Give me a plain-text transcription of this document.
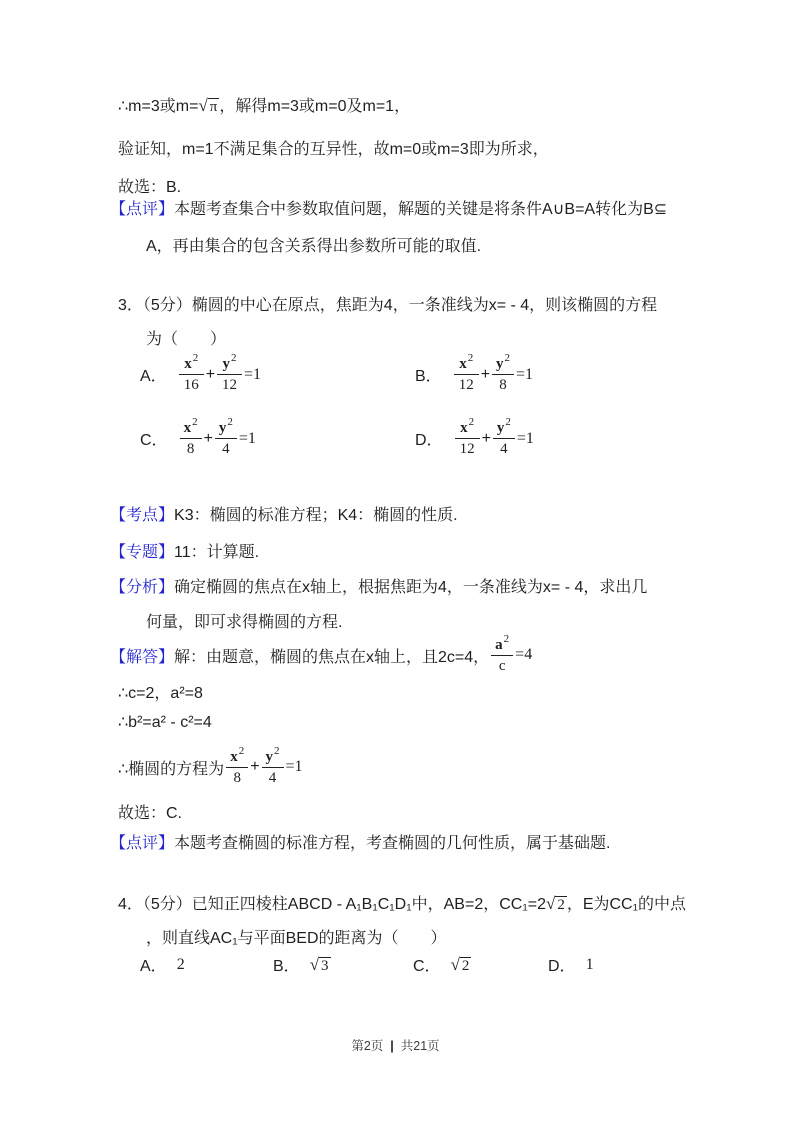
∴m=3或m=√ π ，解得m=3或m=0及m=1，
验证知，m=1不满足集合的互异性，故m=0或m=3即为所求，
故选：B.
【点评】本题考查集合中参数取值问题，解题的关键是将条件A∪B=A转化为B⊆
A，再由集合的包含关系得出参数所可能的取值.
3．（5分）椭圆的中心在原点，焦距为4，一条准线为x= - 4，则该椭圆的方程
为（　　）
A． $\frac{x^2}{16} + \frac{y^2}{12} =1$	B． $\frac{x^2}{12} + \frac{y^2}{8} =1$
C． $\frac{x^2}{8} + \frac{y^2}{4} =1$	D． $\frac{x^2}{12} + \frac{y^2}{4} =1$
【考点】K3：椭圆的标准方程；K4：椭圆的性质.
【专题】11：计算题.
【分析】确定椭圆的焦点在x轴上，根据焦距为4，一条准线为x= - 4，求出几
何量，即可求得椭圆的方程.
【解答】 解：由题意，椭圆的焦点在x轴上，且2c=4， $\frac{a^2}{c} =4$
∴c=2，a²=8
∴b²=a² - c²=4
∴椭圆的方程为 $\frac{x^2}{8} + \frac{y^2}{4} =1$
故选：C.
【点评】本题考查椭圆的标准方程，考查椭圆的几何性质，属于基础题.
4．（5分）已知正四棱柱ABCD - A₁B₁C₁D₁中，AB=2，CC₁=2√ 2 ，E为CC₁的中点
，则直线AC₁与平面BED的距离为（　　）
A． 2	B． √ 3	C． √ 2	D． 1
第2页 | 共21页
